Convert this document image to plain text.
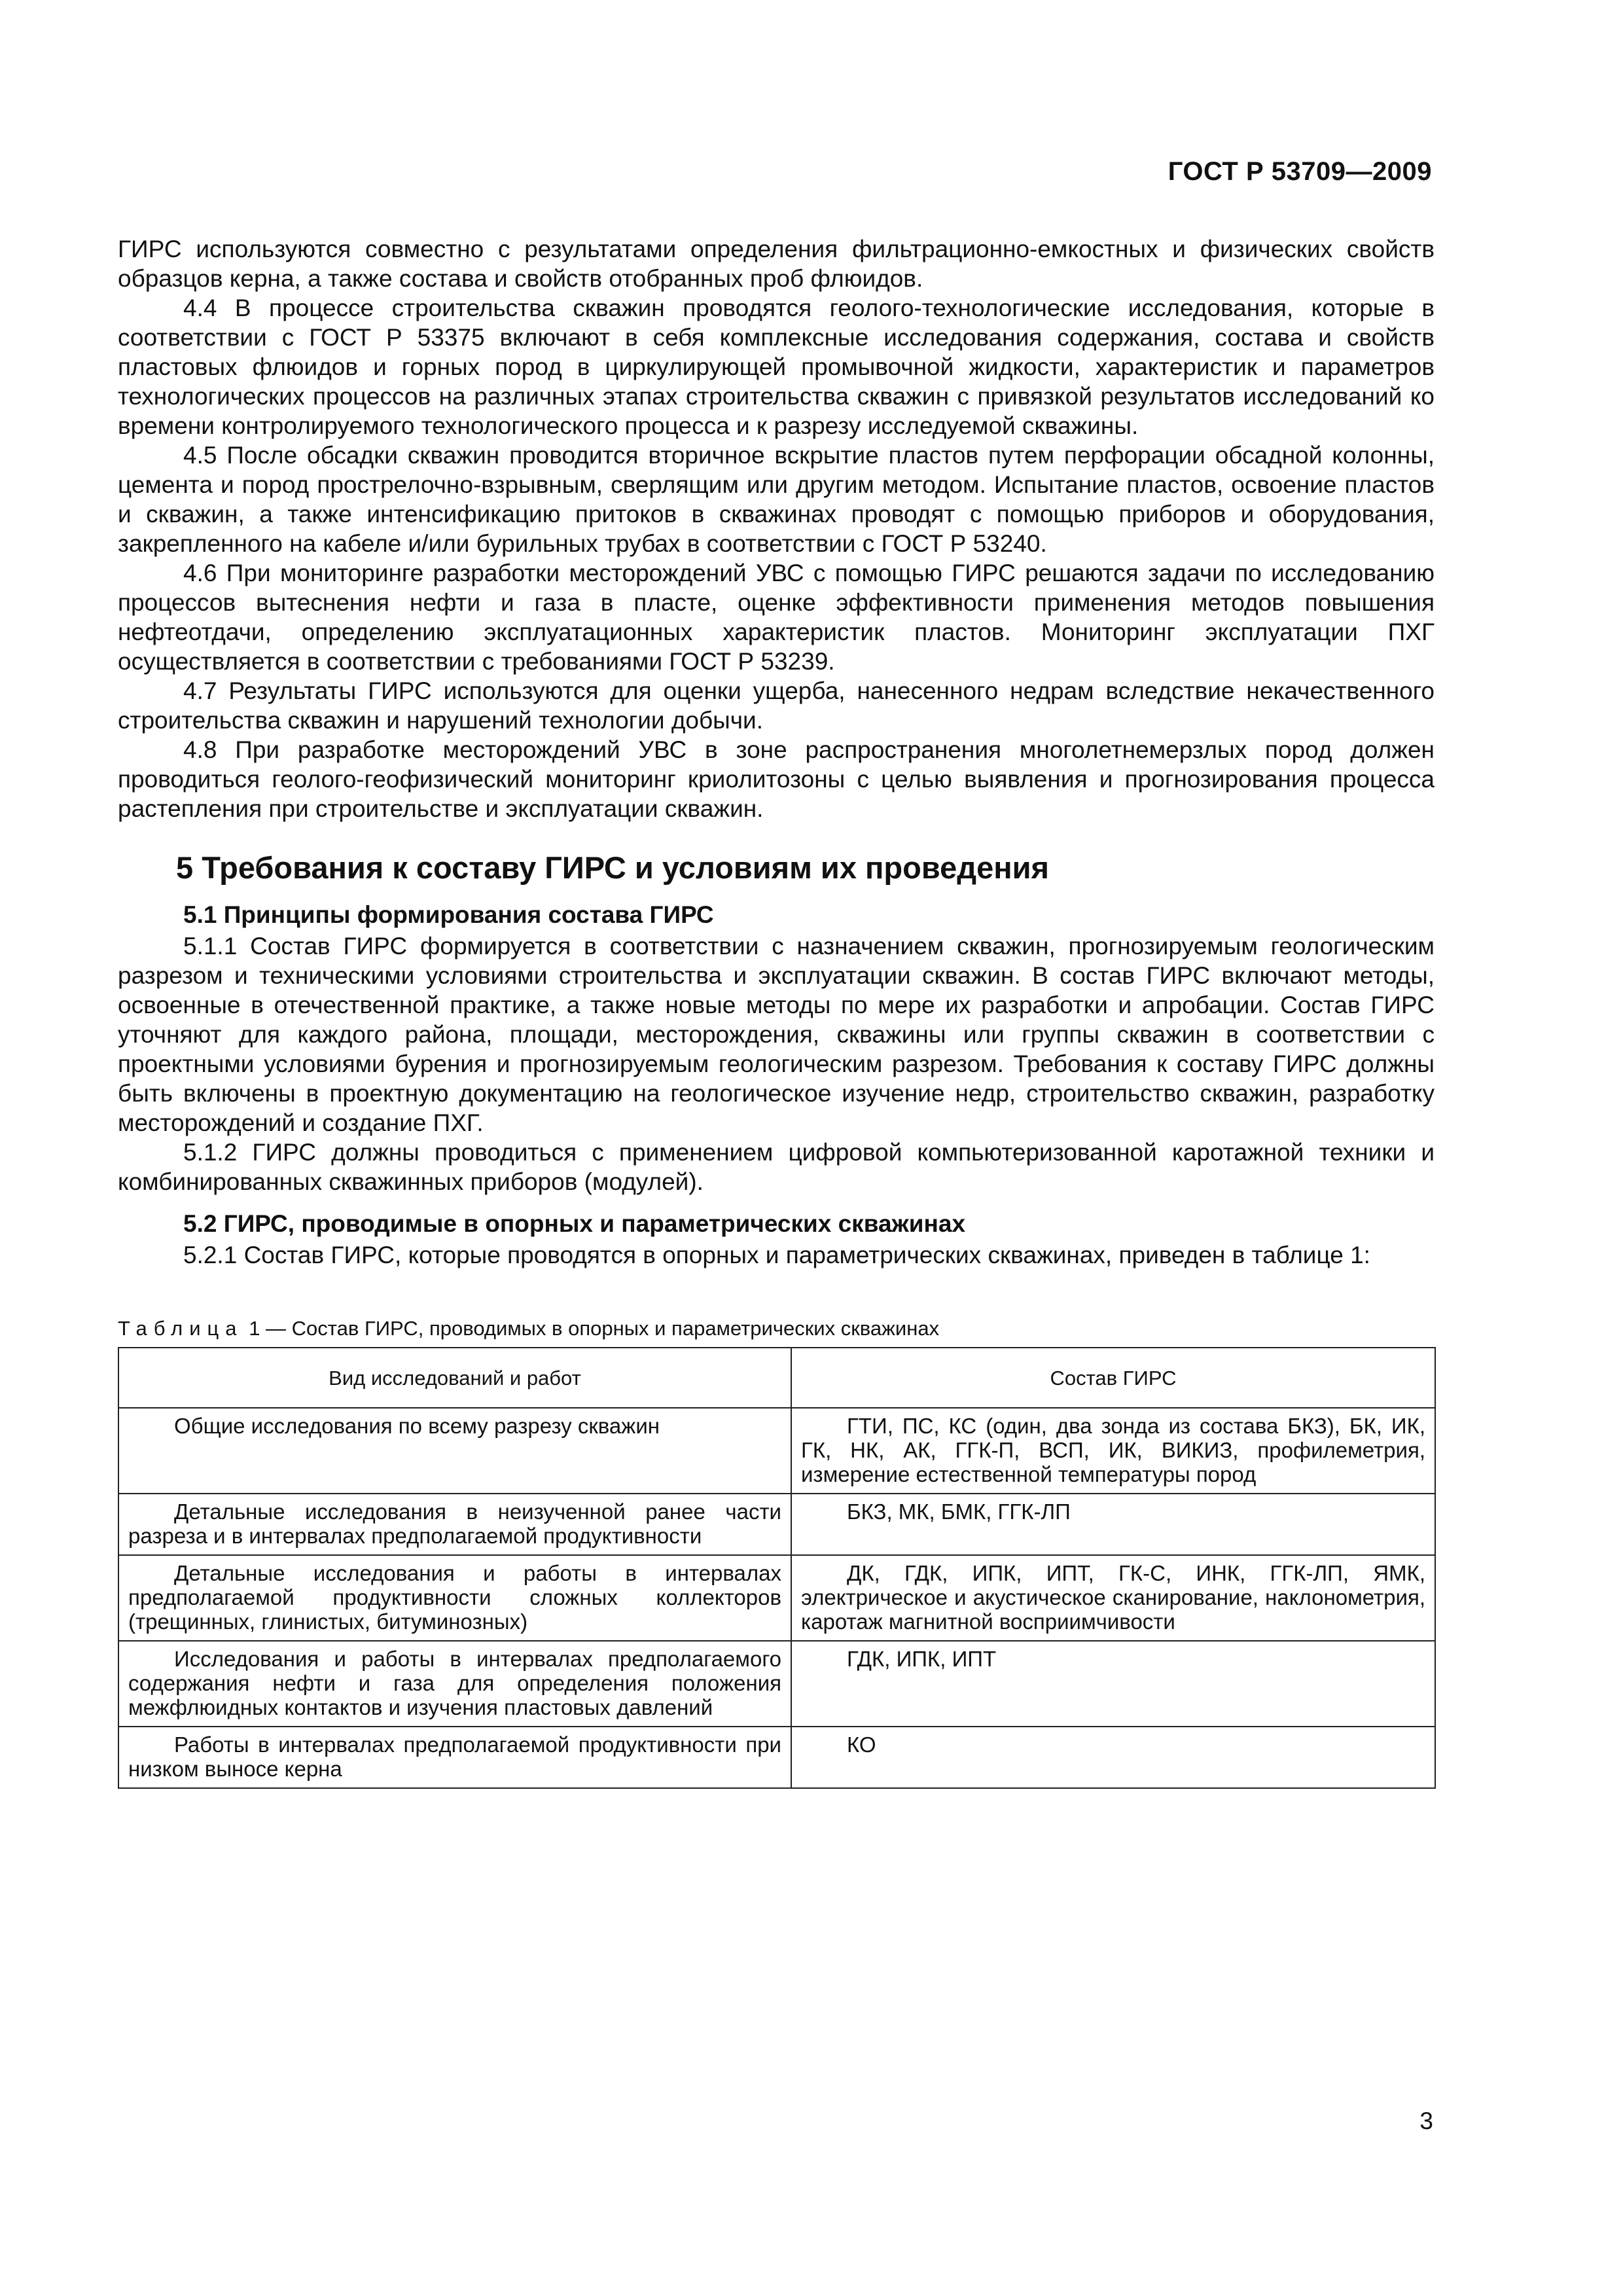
ГОСТ Р 53709—2009

ГИРС используются совместно с результатами определения фильтрационно-емкостных и физических свойств образцов керна, а также состава и свойств отобранных проб флюидов.

4.4 В процессе строительства скважин проводятся геолого-технологические исследования, которые в соответствии с ГОСТ Р 53375 включают в себя комплексные исследования содержания, состава и свойств пластовых флюидов и горных пород в циркулирующей промывочной жидкости, характеристик и параметров технологических процессов на различных этапах строительства скважин с привязкой результатов исследований ко времени контролируемого технологического процесса и к разрезу исследуемой скважины.

4.5 После обсадки скважин проводится вторичное вскрытие пластов путем перфорации обсадной колонны, цемента и пород прострелочно-взрывным, сверлящим или другим методом. Испытание пластов, освоение пластов и скважин, а также интенсификацию притоков в скважинах проводят с помощью приборов и оборудования, закрепленного на кабеле и/или бурильных трубах в соответствии с ГОСТ Р 53240.

4.6 При мониторинге разработки месторождений УВС с помощью ГИРС решаются задачи по исследованию процессов вытеснения нефти и газа в пласте, оценке эффективности применения методов повышения нефтеотдачи, определению эксплуатационных характеристик пластов. Мониторинг эксплуатации ПХГ осуществляется в соответствии с требованиями ГОСТ Р 53239.

4.7 Результаты ГИРС используются для оценки ущерба, нанесенного недрам вследствие некачественного строительства скважин и нарушений технологии добычи.

4.8 При разработке месторождений УВС в зоне распространения многолетнемерзлых пород должен проводиться геолого-геофизический мониторинг криолитозоны с целью выявления и прогнозирования процесса растепления при строительстве и эксплуатации скважин.

5 Требования к составу ГИРС и условиям их проведения
5.1 Принципы формирования состава ГИРС

5.1.1 Состав ГИРС формируется в соответствии с назначением скважин, прогнозируемым геологическим разрезом и техническими условиями строительства и эксплуатации скважин. В состав ГИРС включают методы, освоенные в отечественной практике, а также новые методы по мере их разработки и апробации. Состав ГИРС уточняют для каждого района, площади, месторождения, скважины или группы скважин в соответствии с проектными условиями бурения и прогнозируемым геологическим разрезом. Требования к составу ГИРС должны быть включены в проектную документацию на геологическое изучение недр, строительство скважин, разработку месторождений и создание ПХГ.

5.1.2 ГИРС должны проводиться с применением цифровой компьютеризованной каротажной техники и комбинированных скважинных приборов (модулей).

5.2 ГИРС, проводимые в опорных и параметрических скважинах

5.2.1 Состав ГИРС, которые проводятся в опорных и параметрических скважинах, приведен в таблице 1:

Таблица 1 — Состав ГИРС, проводимых в опорных и параметрических скважинах
Вид исследований и работ	Состав ГИРС
Общие исследования по всему разрезу скважин	ГТИ, ПС, КС (один, два зонда из состава БКЗ), БК, ИК, ГК, НК, АК, ГГК-П, ВСП, ИК, ВИКИЗ, профилеметрия, измерение естественной температуры пород
Детальные исследования в неизученной ранее части разреза и в интервалах предполагаемой продуктивности	БКЗ, МК, БМК, ГГК-ЛП
Детальные исследования и работы в интервалах предполагаемой продуктивности сложных коллекторов (трещинных, глинистых, битуминозных)	ДК, ГДК, ИПК, ИПТ, ГК-С, ИНК, ГГК-ЛП, ЯМК, электрическое и акустическое сканирование, наклонометрия, каротаж магнитной восприимчивости
Исследования и работы в интервалах предполагаемого содержания нефти и газа для определения положения межфлюидных контактов и изучения пластовых давлений	ГДК, ИПК, ИПТ
Работы в интервалах предполагаемой продуктивности при низком выносе керна	КО
3
